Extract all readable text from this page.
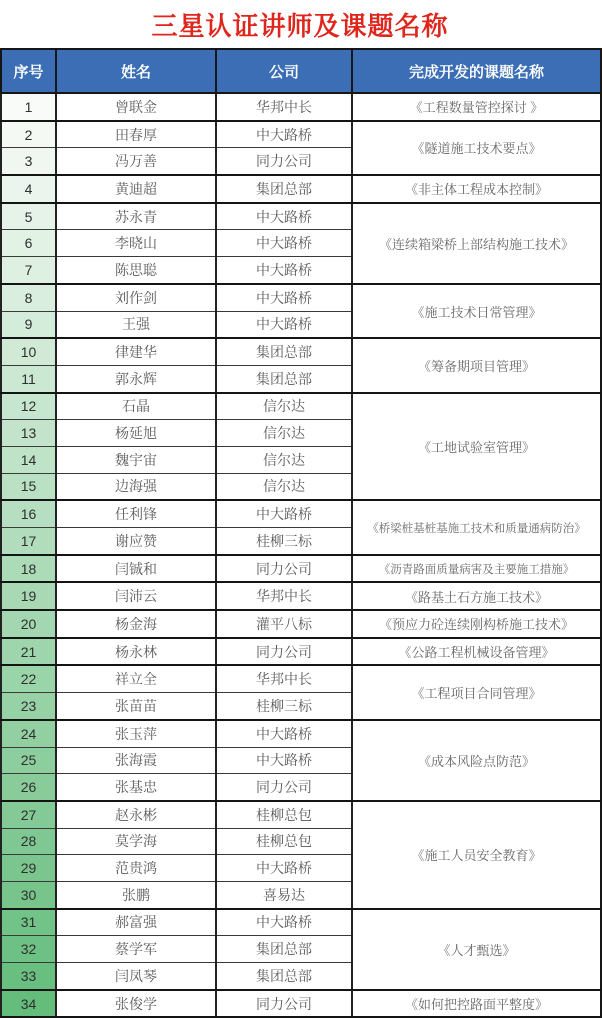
三星认证讲师及课题名称
序号	姓名	公司	完成开发的课题名称
1	曾联金	华邦中长	《工程数量管控探讨 》
2	田春厚	中大路桥	《隧道施工技术要点》
3	冯万善	同力公司	
4	黄迪超	集团总部	《非主体工程成本控制》
5	苏永青	中大路桥	《连续箱梁桥上部结构施工技术》
6	李晓山	中大路桥	
7	陈思聪	中大路桥	
8	刘作剑	中大路桥	《施工技术日常管理》
9	王强	中大路桥	
10	律建华	集团总部	《筹备期项目管理》
11	郭永辉	集团总部	
12	石晶	信尔达	《工地试验室管理》
13	杨延旭	信尔达	
14	魏宇宙	信尔达	
15	边海强	信尔达	
16	任利锋	中大路桥	《桥梁桩基桩基施工技术和质量通病防治》
17	谢应赞	桂柳三标	
18	闫铖和	同力公司	《沥青路面质量病害及主要施工措施》
19	闫沛云	华邦中长	《路基土石方施工技术》
20	杨金海	灌平八标	《预应力砼连续刚构桥施工技术》
21	杨永林	同力公司	《公路工程机械设备管理》
22	祥立全	华邦中长	《工程项目合同管理》
23	张苗苗	桂柳三标	
24	张玉萍	中大路桥	《成本风险点防范》
25	张海霞	中大路桥	
26	张基忠	同力公司	
27	赵永彬	桂柳总包	《施工人员安全教育》
28	莫学海	桂柳总包	
29	范贵鸿	中大路桥	
30	张鹏	喜易达	
31	郝富强	中大路桥	《人才甄选》
32	蔡学军	集团总部	
33	闫凤琴	集团总部	
34	张俊学	同力公司	《如何把控路面平整度》
